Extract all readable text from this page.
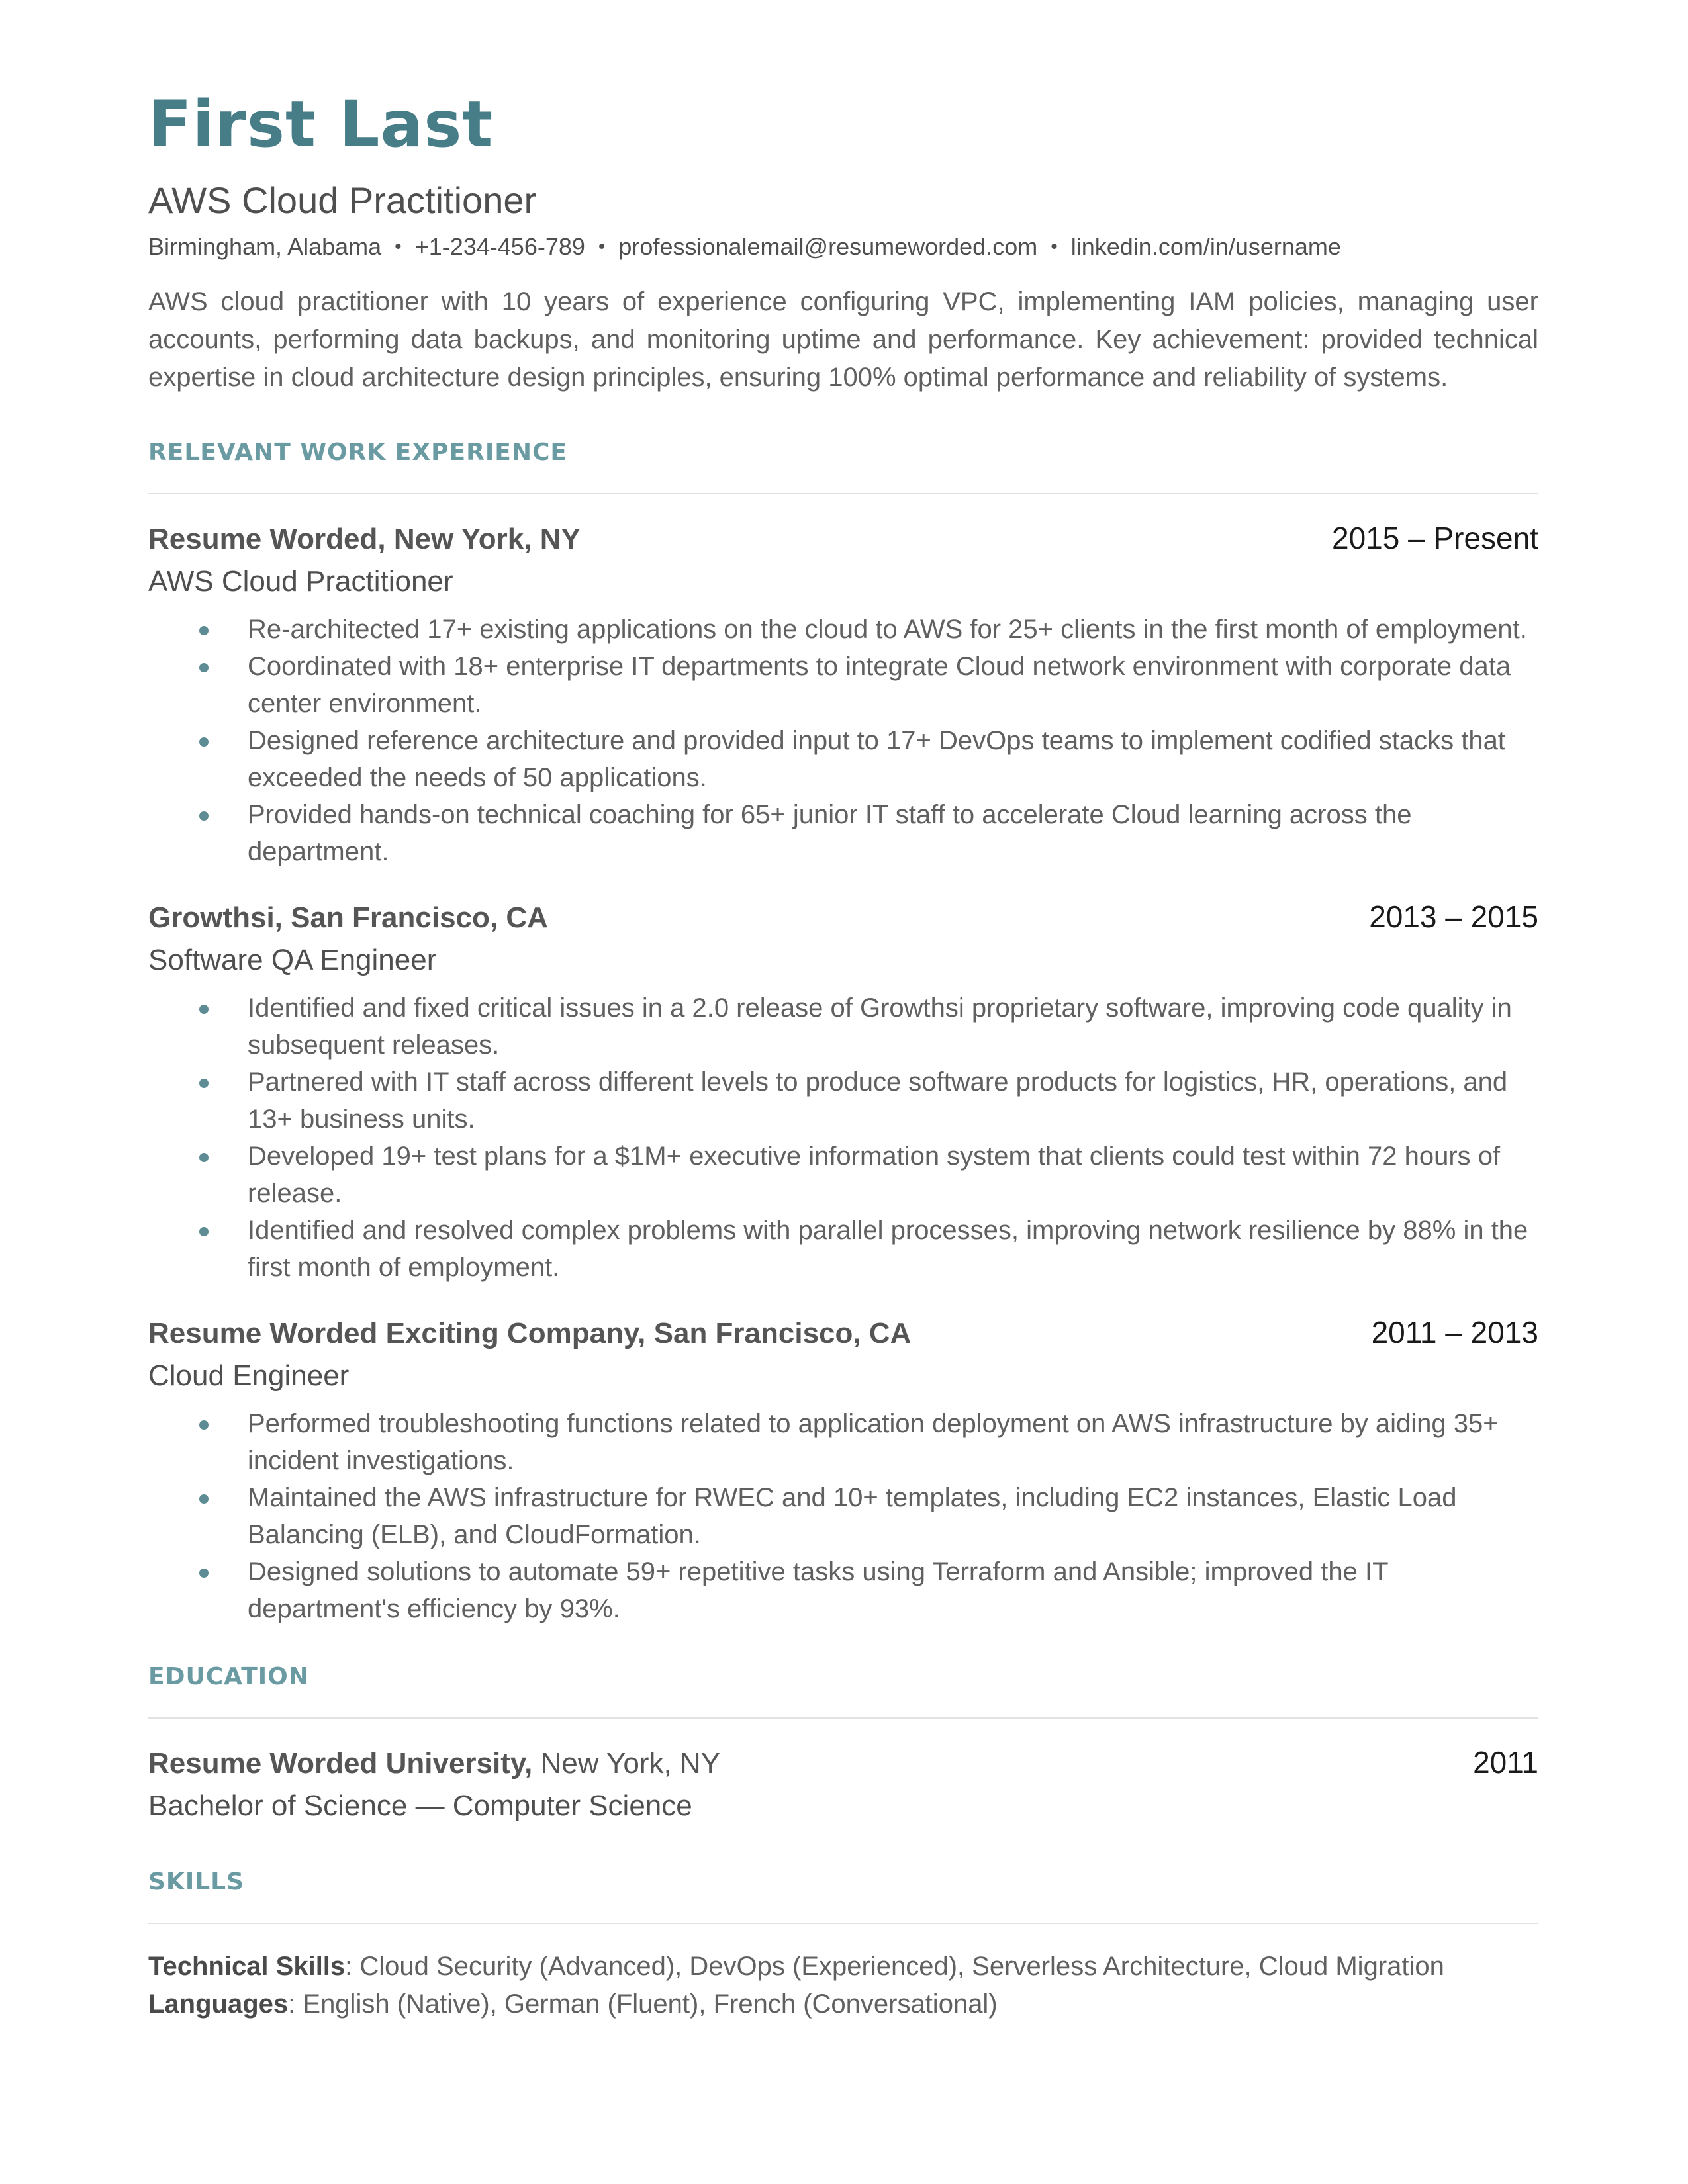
First Last
AWS Cloud Practitioner
Birmingham, Alabama • +1-234-456-789 • professionalemail@resumeworded.com • linkedin.com/in/username
AWS cloud practitioner with 10 years of experience configuring VPC, implementing IAM policies, managing user accounts, performing data backups, and monitoring uptime and performance. Key achievement: provided technical expertise in cloud architecture design principles, ensuring 100% optimal performance and reliability of systems.
RELEVANT WORK EXPERIENCE
Resume Worded, New York, NY	2015 – Present
AWS Cloud Practitioner
Re-architected 17+ existing applications on the cloud to AWS for 25+ clients in the first month of employment.
Coordinated with 18+ enterprise IT departments to integrate Cloud network environment with corporate data center environment.
Designed reference architecture and provided input to 17+ DevOps teams to implement codified stacks that exceeded the needs of 50 applications.
Provided hands-on technical coaching for 65+ junior IT staff to accelerate Cloud learning across the department.
Growthsi, San Francisco, CA	2013 – 2015
Software QA Engineer
Identified and fixed critical issues in a 2.0 release of Growthsi proprietary software, improving code quality in subsequent releases.
Partnered with IT staff across different levels to produce software products for logistics, HR, operations, and 13+ business units.
Developed 19+ test plans for a $1M+ executive information system that clients could test within 72 hours of release.
Identified and resolved complex problems with parallel processes, improving network resilience by 88% in the first month of employment.
Resume Worded Exciting Company, San Francisco, CA	2011 – 2013
Cloud Engineer
Performed troubleshooting functions related to application deployment on AWS infrastructure by aiding 35+ incident investigations.
Maintained the AWS infrastructure for RWEC and 10+ templates, including EC2 instances, Elastic Load Balancing (ELB), and CloudFormation.
Designed solutions to automate 59+ repetitive tasks using Terraform and Ansible; improved the IT department's efficiency by 93%.
EDUCATION
Resume Worded University, New York, NY	2011
Bachelor of Science — Computer Science
SKILLS
Technical Skills: Cloud Security (Advanced), DevOps (Experienced), Serverless Architecture, Cloud Migration
Languages: English (Native), German (Fluent), French (Conversational)
